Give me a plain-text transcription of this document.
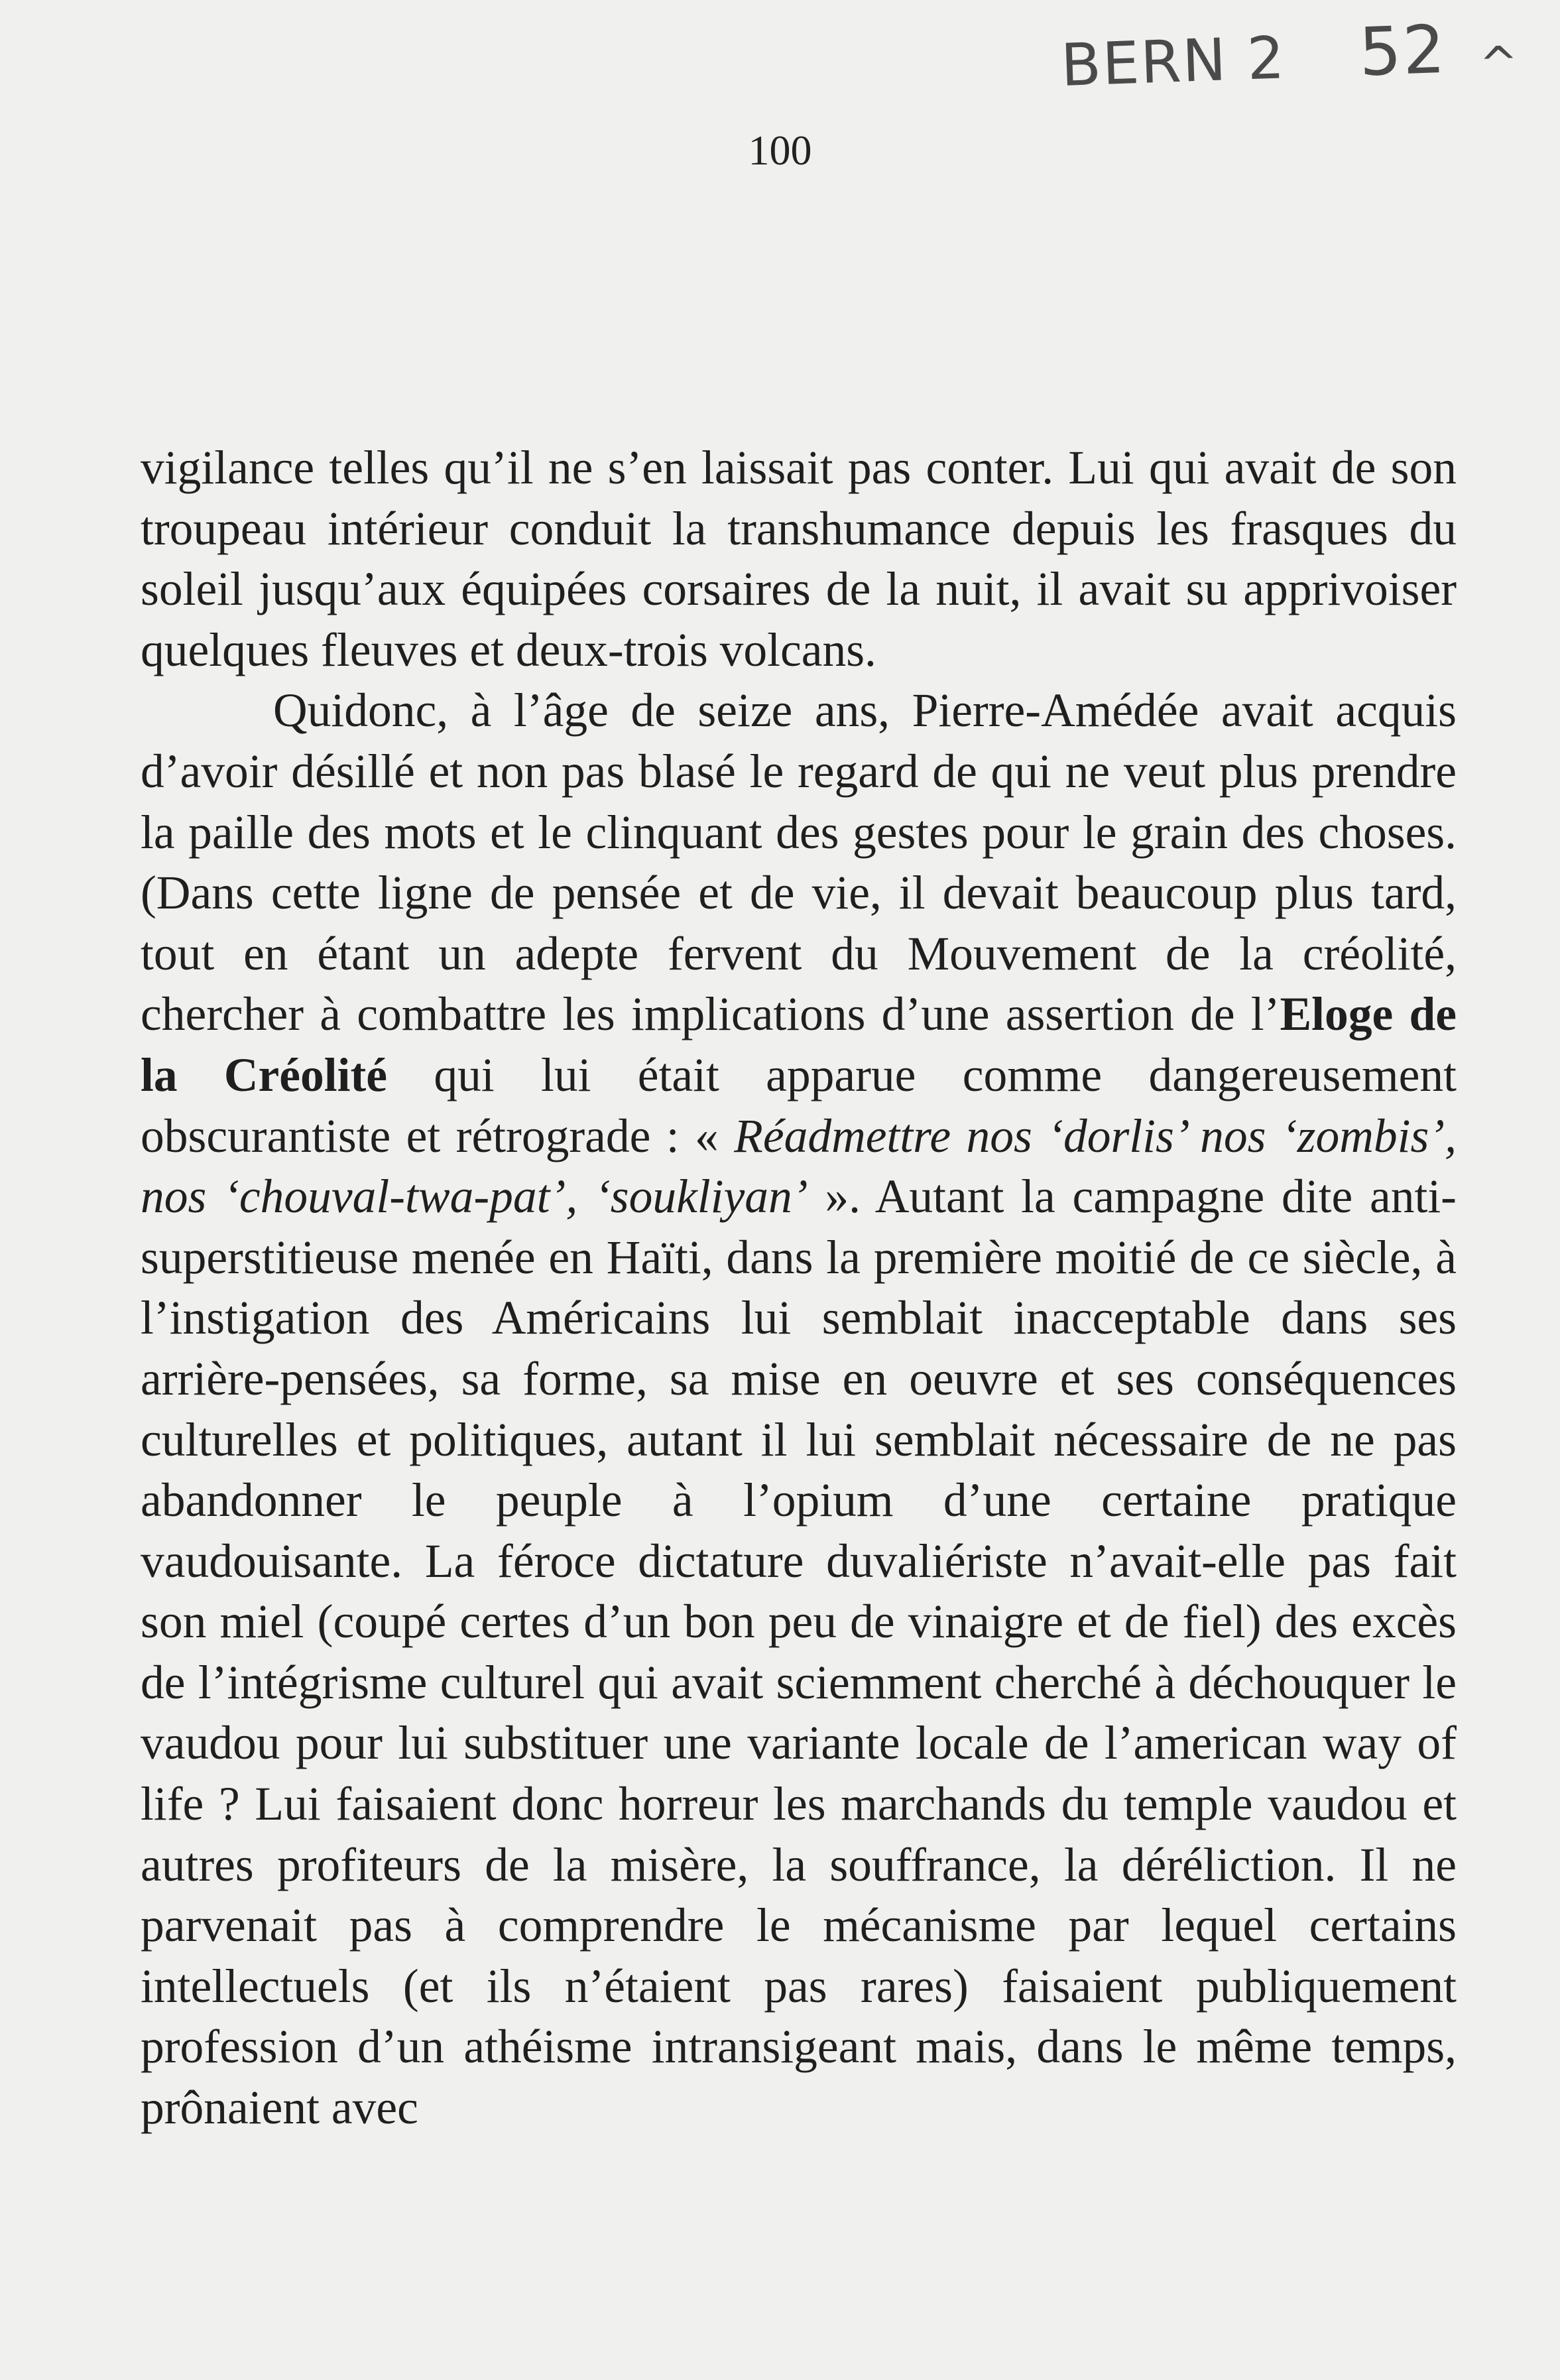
BERN 2 52 ^
100

vigilance telles qu’il ne s’en laissait pas conter. Lui qui avait de son troupeau intérieur conduit la transhumance depuis les frasques du soleil jusqu’aux équipées corsaires de la nuit, il avait su apprivoiser quelques fleuves et deux-trois volcans.

Quidonc, à l’âge de seize ans, Pierre-Amédée avait acquis d’avoir désillé et non pas blasé le regard de qui ne veut plus prendre la paille des mots et le clinquant des gestes pour le grain des choses. (Dans cette ligne de pensée et de vie, il devait beaucoup plus tard, tout en étant un adepte fervent du Mouvement de la créolité, chercher à combattre les implications d’une assertion de l’Eloge de la Créolité qui lui était apparue comme dangereusement obscurantiste et rétrograde : « Réadmettre nos ‘dorlis’ nos ‘zombis’, nos ‘chouval-twa-pat’, ‘soukliyan’ ». Autant la campagne dite anti-superstitieuse menée en Haïti, dans la première moitié de ce siècle, à l’instigation des Américains lui semblait inacceptable dans ses arrière-pensées, sa forme, sa mise en oeuvre et ses conséquences culturelles et politiques, autant il lui semblait nécessaire de ne pas abandonner le peuple à l’opium d’une certaine pratique vaudouisante. La féroce dictature duvaliériste n’avait-elle pas fait son miel (coupé certes d’un bon peu de vinaigre et de fiel) des excès de l’intégrisme culturel qui avait sciemment cherché à déchouquer le vaudou pour lui substituer une variante locale de l’american way of life ? Lui faisaient donc horreur les marchands du temple vaudou et autres profiteurs de la misère, la souffrance, la déréliction. Il ne parvenait pas à comprendre le mécanisme par lequel certains intellectuels (et ils n’étaient pas rares) faisaient publiquement profession d’un athéisme intransigeant mais, dans le même temps, prônaient avec
